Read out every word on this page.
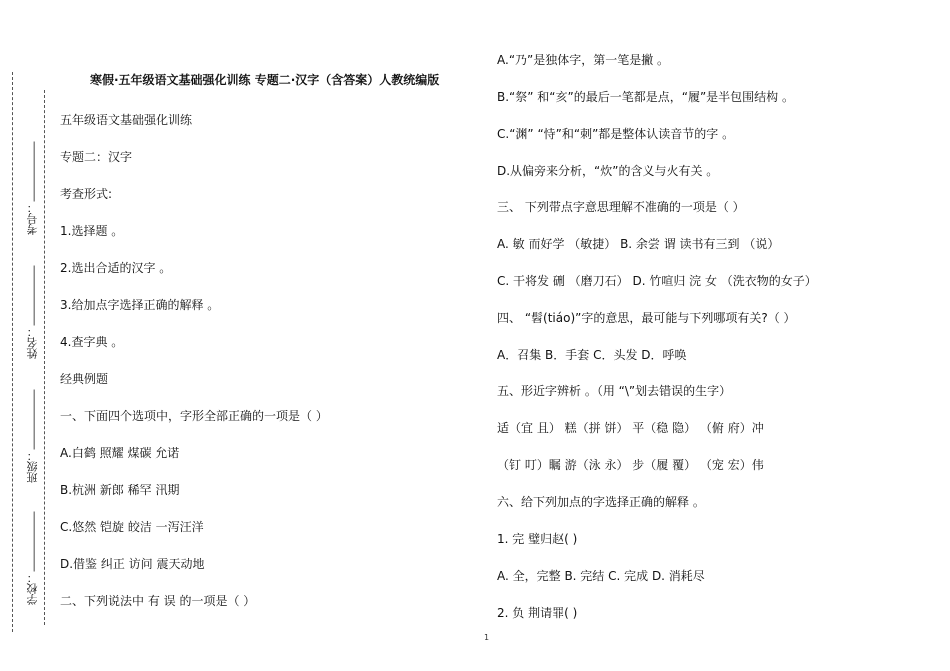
——————
考号：
——————
姓名：
——————
班级：
——————
学校：
寒假·五年级语文基础强化训练 专题二·汉字（含答案）人教统编版
五年级语文基础强化训练
专题二：汉字
考查形式:
1.选择题 。
2.选出合适的汉字 。
3.给加点字选择正确的解释 。
4.查字典 。
经典例题
一、下面四个选项中，字形全部正确的一项是（ ）
A.白鹤 照耀 煤碳 允诺
B.杭洲 新郎 稀罕 汛期
C.悠然 铠旋 皎洁 一泻汪洋
D.借鉴 纠正 访问 震天动地
二、下列说法中 有 误 的一项是（ ）
A.“乃”是独体字，第一笔是撇 。
B.“祭” 和“亥”的最后一笔都是点，“履”是半包围结构 。
C.“渊” “恃”和“刺”都是整体认读音节的字 。
D.从偏旁来分析，“炊”的含义与火有关 。
三、 下列带点字意思理解不准确的一项是（ ）
A. 敏 而好学 （敏捷） B. 余尝 谓 读书有三到 （说）
C. 干将发 硎 （磨刀石） D. 竹喧归 浣 女 （洗衣物的女子）
四、 “髫(tiáo)”字的意思，最可能与下列哪项有关?（ ）
A．召集 B．手套 C．头发 D．呼唤
五、形近字辨析 。（用 “\”划去错误的生字）
适（宜 且） 糕（拼 饼） 平（稳 隐） （俯 府）冲
（钉 叮）瞩 游（泳 永） 步（履 覆） （宠 宏）伟
六、给下列加点的字选择正确的解释 。
1. 完 璧归赵( )
A. 全，完整 B. 完结 C. 完成 D. 消耗尽
2. 负 荆请罪( )
1
